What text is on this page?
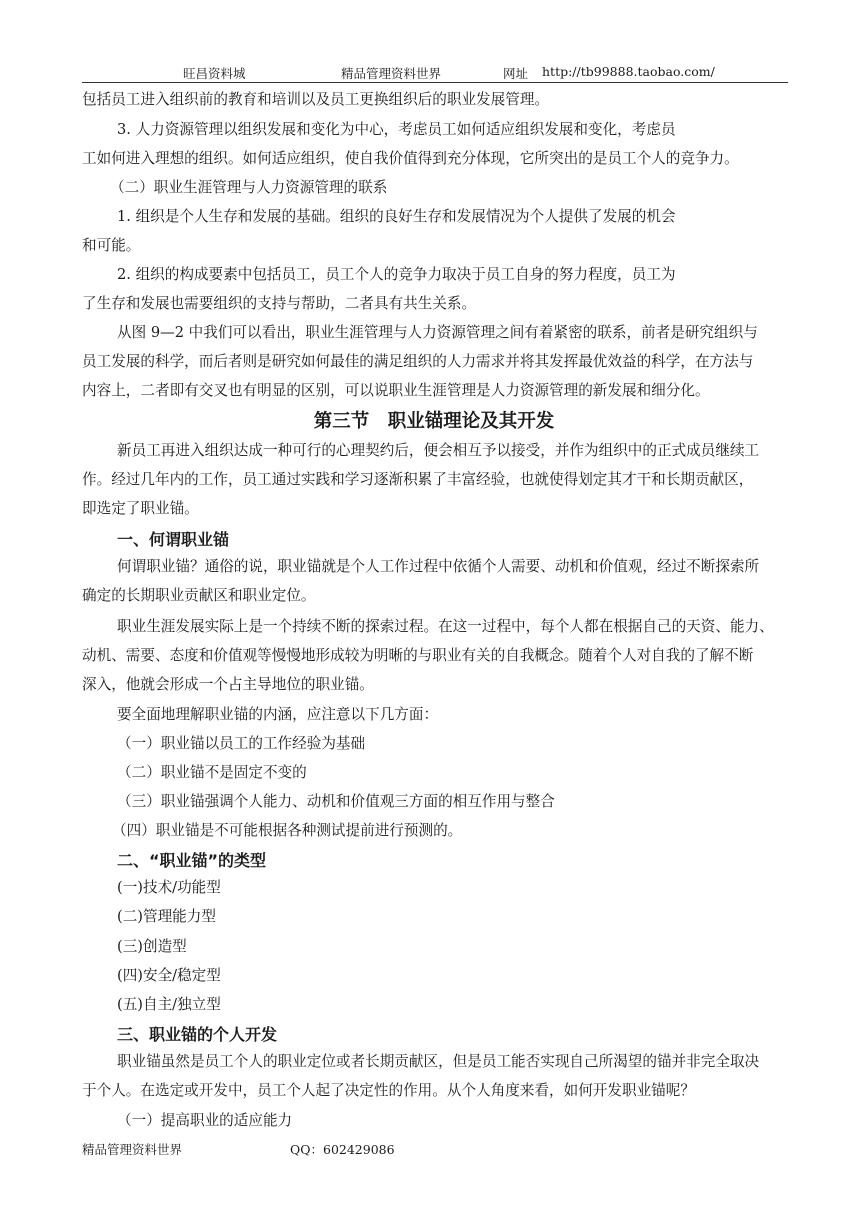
旺昌资料城	精品管理资料世界	网址 http://tb99888.taobao.com/
包括员工进入组织前的教育和培训以及员工更换组织后的职业发展管理。
3. 人力资源管理以组织发展和变化为中心，考虑员工如何适应组织发展和变化，考虑员
工如何进入理想的组织。如何适应组织，使自我价值得到充分体现，它所突出的是员工个人的竞争力。
（二）职业生涯管理与人力资源管理的联系
1. 组织是个人生存和发展的基础。组织的良好生存和发展情况为个人提供了发展的机会
和可能。
2. 组织的构成要素中包括员工，员工个人的竞争力取决于员工自身的努力程度，员工为
了生存和发展也需要组织的支持与帮助，二者具有共生关系。
从图 9—2 中我们可以看出，职业生涯管理与人力资源管理之间有着紧密的联系，前者是研究组织与
员工发展的科学，而后者则是研究如何最佳的满足组织的人力需求并将其发挥最优效益的科学，在方法与
内容上，二者即有交叉也有明显的区别，可以说职业生涯管理是人力资源管理的新发展和细分化。
第三节　职业锚理论及其开发
新员工再进入组织达成一种可行的心理契约后，便会相互予以接受，并作为组织中的正式成员继续工
作。经过几年内的工作，员工通过实践和学习逐渐积累了丰富经验，也就使得划定其才干和长期贡献区，
即选定了职业锚。
一、何谓职业锚
何谓职业锚？通俗的说，职业锚就是个人工作过程中依循个人需要、动机和价值观，经过不断探索所
确定的长期职业贡献区和职业定位。
职业生涯发展实际上是一个持续不断的探索过程。在这一过程中，每个人都在根据自己的天资、能力、
动机、需要、态度和价值观等慢慢地形成较为明晰的与职业有关的自我概念。随着个人对自我的了解不断
深入，他就会形成一个占主导地位的职业锚。
要全面地理解职业锚的内涵，应注意以下几方面：
（一）职业锚以员工的工作经验为基础
（二）职业锚不是固定不变的
（三）职业锚强调个人能力、动机和价值观三方面的相互作用与整合
（四）职业锚是不可能根据各种测试提前进行预测的。
二、“职业锚”的类型
(一)技术/功能型
(二)管理能力型
(三)创造型
(四)安全/稳定型
(五)自主/独立型
三、职业锚的个人开发
职业锚虽然是员工个人的职业定位或者长期贡献区，但是员工能否实现自己所渴望的锚并非完全取决
于个人。在选定或开发中，员工个人起了决定性的作用。从个人角度来看，如何开发职业锚呢？
（一）提高职业的适应能力
精品管理资料世界	QQ：602429086
